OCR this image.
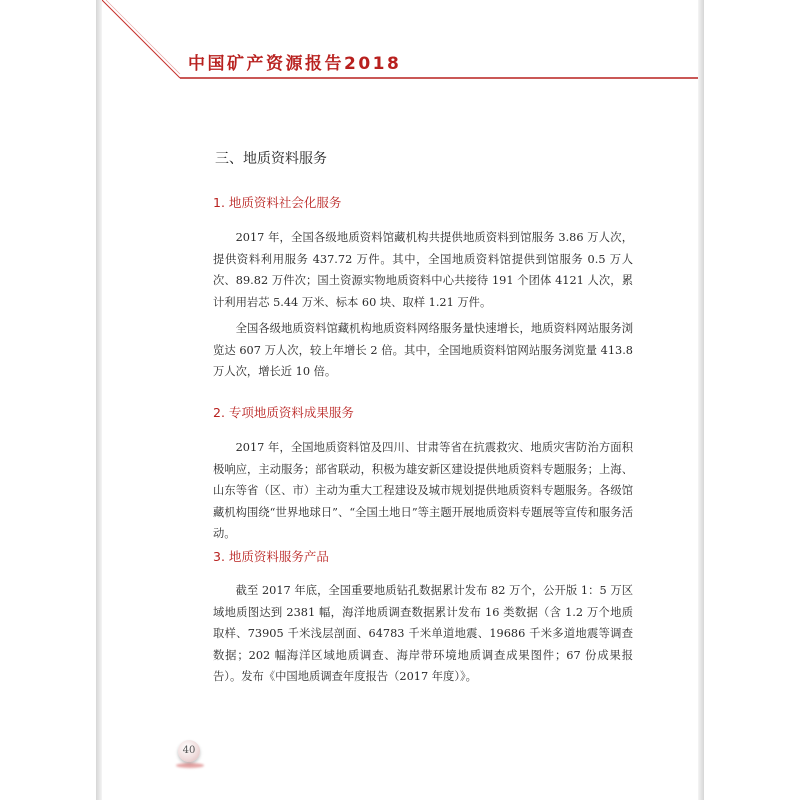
中国矿产资源报告2018
三、地质资料服务
1. 地质资料社会化服务

2017 年，全国各级地质资料馆藏机构共提供地质资料到馆服务 3.86 万人次，提供资料利用服务 437.72 万件。其中，全国地质资料馆提供到馆服务 0.5 万人次、89.82 万件次；国土资源实物地质资料中心共接待 191 个团体 4121 人次，累计利用岩芯 5.44 万米、标本 60 块、取样 1.21 万件。

全国各级地质资料馆藏机构地质资料网络服务量快速增长，地质资料网站服务浏览达 607 万人次，较上年增长 2 倍。其中，全国地质资料馆网站服务浏览量 413.8 万人次，增长近 10 倍。

2. 专项地质资料成果服务

2017 年，全国地质资料馆及四川、甘肃等省在抗震救灾、地质灾害防治方面积极响应，主动服务；部省联动，积极为雄安新区建设提供地质资料专题服务；上海、山东等省（区、市）主动为重大工程建设及城市规划提供地质资料专题服务。各级馆藏机构围绕“世界地球日”、“全国土地日”等主题开展地质资料专题展等宣传和服务活动。

3. 地质资料服务产品

截至 2017 年底，全国重要地质钻孔数据累计发布 82 万个，公开版 1：5 万区域地质图达到 2381 幅，海洋地质调查数据累计发布 16 类数据（含 1.2 万个地质取样、73905 千米浅层剖面、64783 千米单道地震、19686 千米多道地震等调查数据；202 幅海洋区域地质调查、海岸带环境地质调查成果图件；67 份成果报告）。发布《中国地质调查年度报告（2017 年度）》。

40
